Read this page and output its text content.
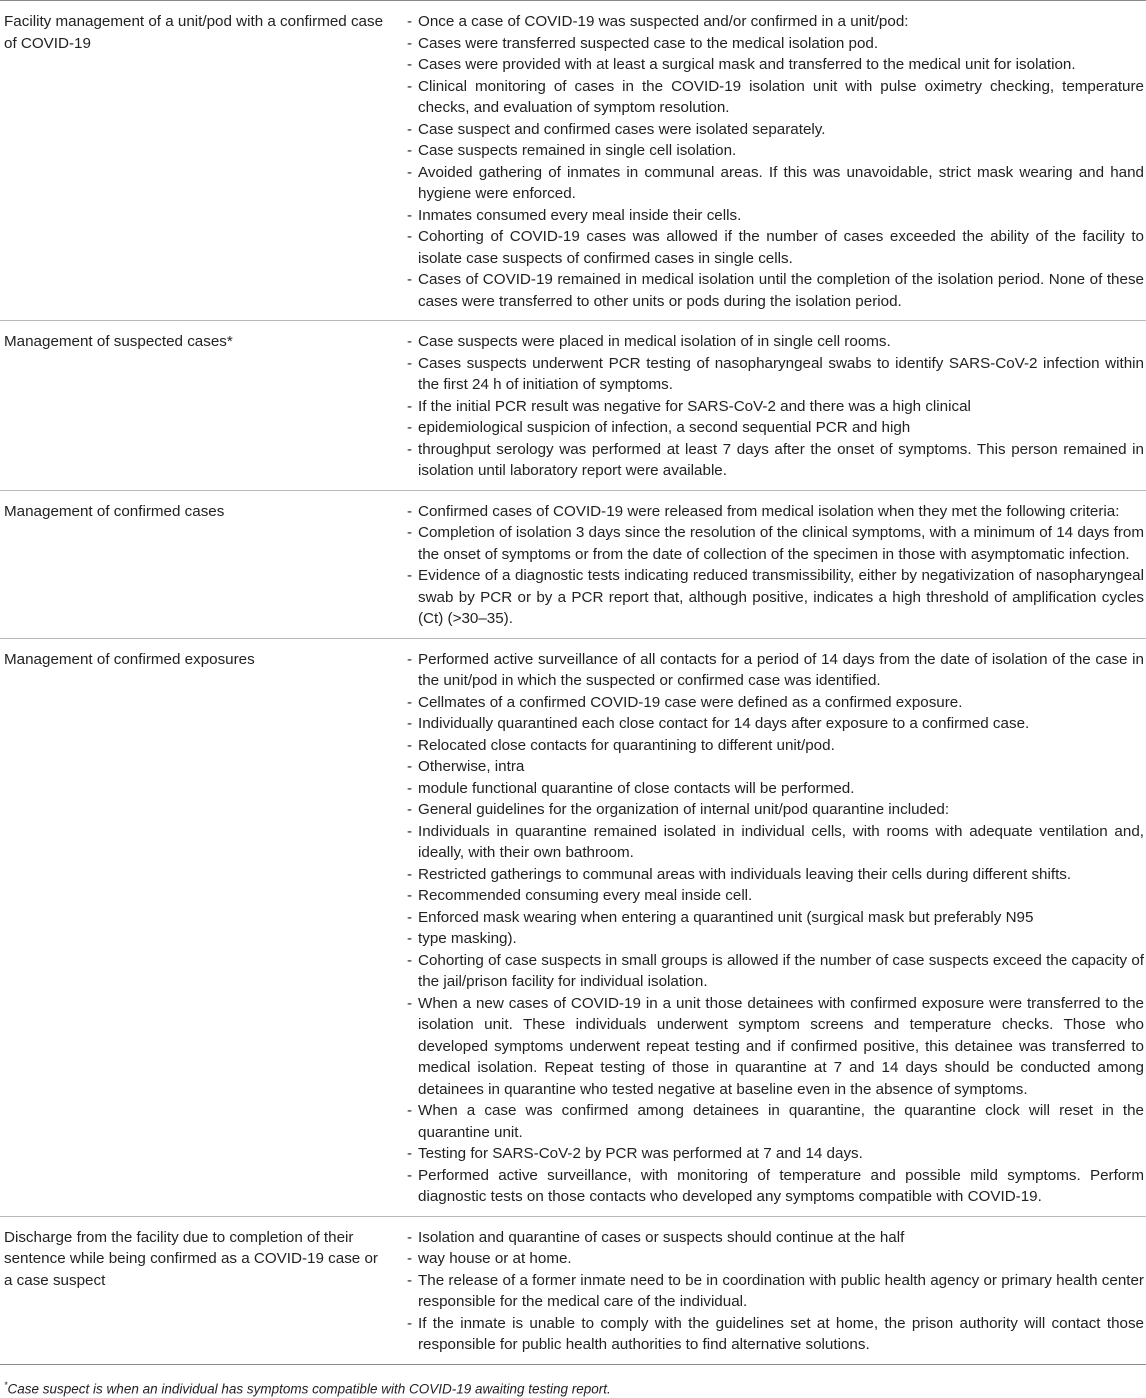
Facility management of a unit/pod with a confirmed case of COVID-19
- Once a case of COVID-19 was suspected and/or confirmed in a unit/pod:
- Cases were transferred suspected case to the medical isolation pod.
- Cases were provided with at least a surgical mask and transferred to the medical unit for isolation.
- Clinical monitoring of cases in the COVID-19 isolation unit with pulse oximetry checking, temperature checks, and evaluation of symptom resolution.
- Case suspect and confirmed cases were isolated separately.
- Case suspects remained in single cell isolation.
- Avoided gathering of inmates in communal areas. If this was unavoidable, strict mask wearing and hand hygiene were enforced.
- Inmates consumed every meal inside their cells.
- Cohorting of COVID-19 cases was allowed if the number of cases exceeded the ability of the facility to isolate case suspects of confirmed cases in single cells.
- Cases of COVID-19 remained in medical isolation until the completion of the isolation period. None of these cases were transferred to other units or pods during the isolation period.
Management of suspected cases*	- Case suspects were placed in medical isolation of in single cell rooms.
- Cases suspects underwent PCR testing of nasopharyngeal swabs to identify SARS-CoV-2 infection within the first 24 h of initiation of symptoms.
- If the initial PCR result was negative for SARS-CoV-2 and there was a high clinical
- epidemiological suspicion of infection, a second sequential PCR and high
- throughput serology was performed at least 7 days after the onset of symptoms. This person remained in isolation until laboratory report were available.
Management of confirmed cases	- Confirmed cases of COVID-19 were released from medical isolation when they met the following criteria:
- Completion of isolation 3 days since the resolution of the clinical symptoms, with a minimum of 14 days from the onset of symptoms or from the date of collection of the specimen in those with asymptomatic infection.
- Evidence of a diagnostic tests indicating reduced transmissibility, either by negativization of nasopharyngeal swab by PCR or by a PCR report that, although positive, indicates a high threshold of amplification cycles (Ct) (>30–35).
Management of confirmed exposures	- Performed active surveillance of all contacts for a period of 14 days from the date of isolation of the case in the unit/pod in which the suspected or confirmed case was identified.
- Cellmates of a confirmed COVID-19 case were defined as a confirmed exposure.
- Individually quarantined each close contact for 14 days after exposure to a confirmed case.
- Relocated close contacts for quarantining to different unit/pod.
- Otherwise, intra
- module functional quarantine of close contacts will be performed.
- General guidelines for the organization of internal unit/pod quarantine included:
- Individuals in quarantine remained isolated in individual cells, with rooms with adequate ventilation and, ideally, with their own bathroom.
- Restricted gatherings to communal areas with individuals leaving their cells during different shifts.
- Recommended consuming every meal inside cell.
- Enforced mask wearing when entering a quarantined unit (surgical mask but preferably N95
- type masking).
- Cohorting of case suspects in small groups is allowed if the number of case suspects exceed the capacity of the jail/prison facility for individual isolation.
- When a new cases of COVID-19 in a unit those detainees with confirmed exposure were transferred to the isolation unit. These individuals underwent symptom screens and temperature checks. Those who developed symptoms underwent repeat testing and if confirmed positive, this detainee was transferred to medical isolation. Repeat testing of those in quarantine at 7 and 14 days should be conducted among detainees in quarantine who tested negative at baseline even in the absence of symptoms.
- When a case was confirmed among detainees in quarantine, the quarantine clock will reset in the quarantine unit.
- Testing for SARS-CoV-2 by PCR was performed at 7 and 14 days.
- Performed active surveillance, with monitoring of temperature and possible mild symptoms. Perform diagnostic tests on those contacts who developed any symptoms compatible with COVID-19.
Discharge from the facility due to completion of their sentence while being confirmed as a COVID-19 case or a case suspect
- Isolation and quarantine of cases or suspects should continue at the half
- way house or at home.
- The release of a former inmate need to be in coordination with public health agency or primary health center responsible for the medical care of the individual.
- If the inmate is unable to comply with the guidelines set at home, the prison authority will contact those responsible for public health authorities to find alternative solutions.
*Case suspect is when an individual has symptoms compatible with COVID-19 awaiting testing report.
